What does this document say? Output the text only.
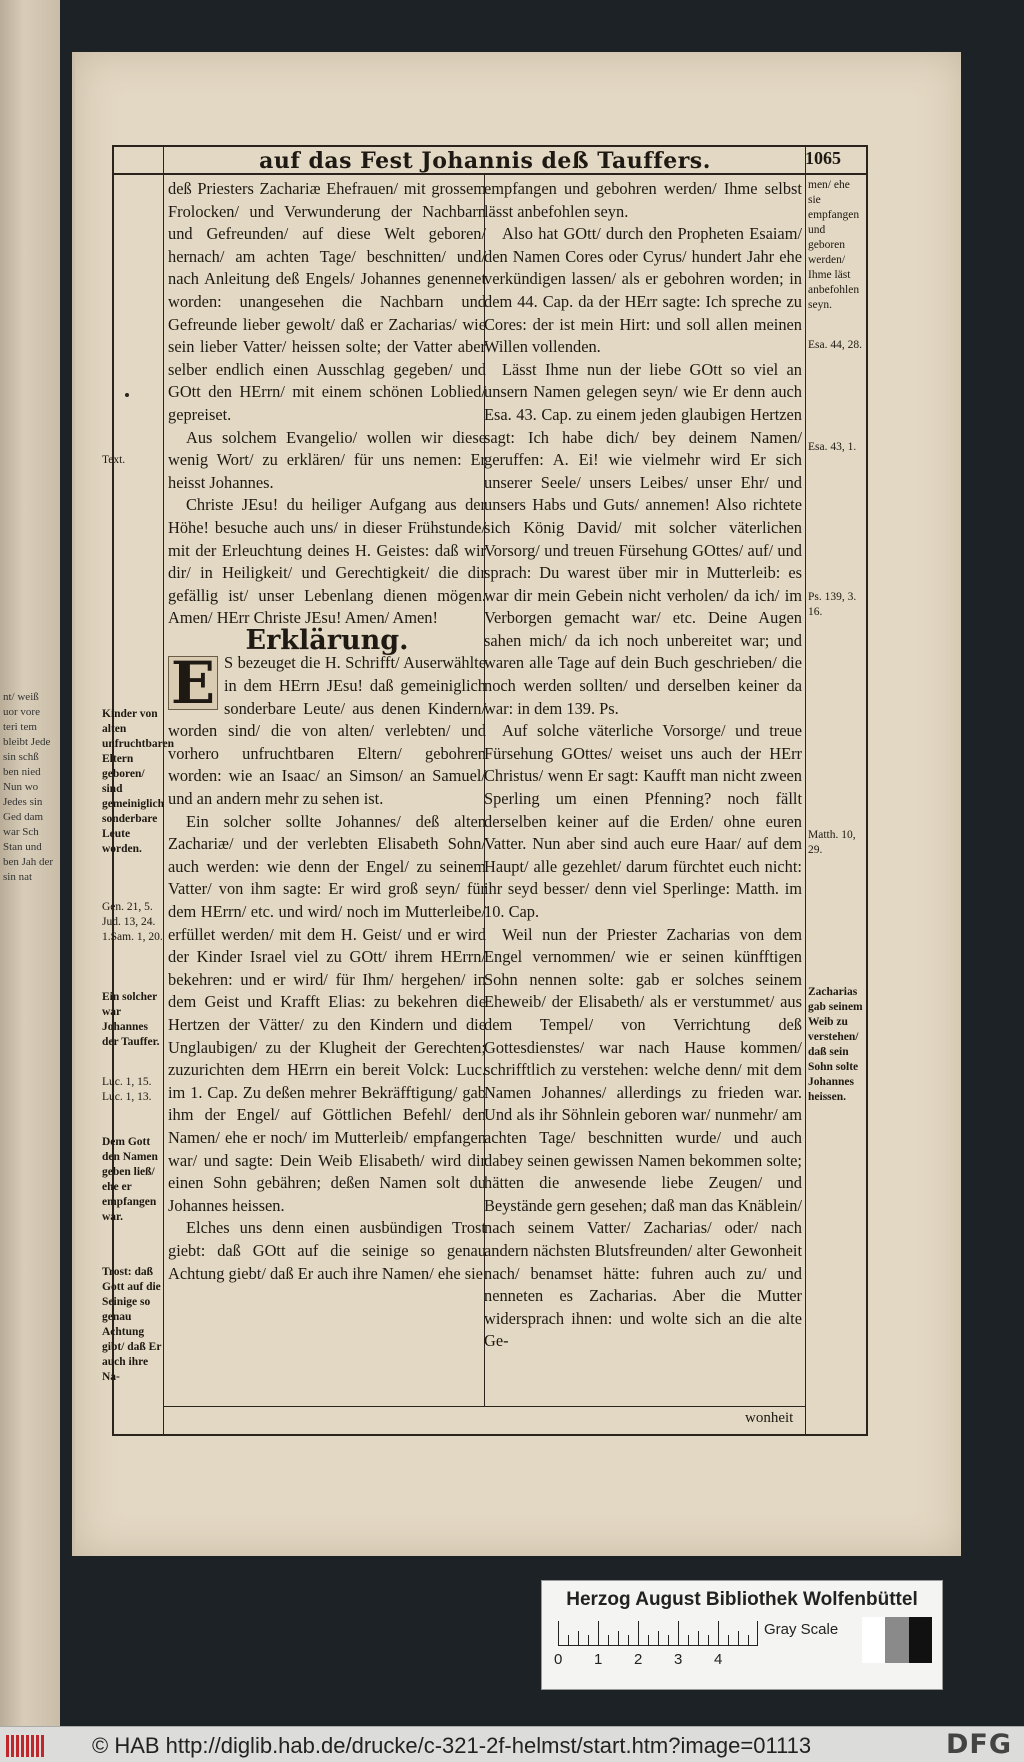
nt/ weiß uor vore teri tem bleibt Jede sin schß ben nied Nun wo Jedes sin Ged dam war Sch Stan und ben Jah der sin nat
auf das Fest Johannis deß Tauffers.	1065

deß Priesters Zachariæ Ehefrauen/ mit grossem Frolocken/ und Verwunderung der Nachbarn und Gefreunden/ auf diese Welt geboren/ hernach/ am achten Tage/ beschnitten/ und/ nach Anleitung deß Engels/ Johannes genennet worden: unangesehen die Nachbarn und Gefreunde lieber gewolt/ daß er Zacharias/ wie sein lieber Vatter/ heissen solte; der Vatter aber selber endlich einen Ausschlag gegeben/ und GOtt den HErrn/ mit einem schönen Loblied/ gepreiset.

Aus solchem Evangelio/ wollen wir diese wenig Wort/ zu erklären/ für uns nemen: Er heisst Johannes.

Christe JEsu! du heiliger Aufgang aus der Höhe! besuche auch uns/ in dieser Frühstunde/ mit der Erleuchtung deines H. Geistes: daß wir dir/ in Heiligkeit/ und Gerechtigkeit/ die dir gefällig ist/ unser Lebenlang dienen mögen. Amen/ HErr Christe JEsu! Amen/ Amen!

Erklärung.

E S bezeuget die H. Schrifft/ Auserwählte in dem HErrn JEsu! daß gemeiniglich sonderbare Leute/ aus denen Kindern/ worden sind/ die von alten/ verlebten/ und vorhero unfruchtbaren Eltern/ gebohren worden: wie an Isaac/ an Simson/ an Samuel/ und an andern mehr zu sehen ist.

Ein solcher sollte Johannes/ deß alten Zachariæ/ und der verlebten Elisabeth Sohn/ auch werden: wie denn der Engel/ zu seinem Vatter/ von ihm sagte: Er wird groß seyn/ für dem HErrn/ etc. und wird/ noch im Mutterleibe/ erfüllet werden/ mit dem H. Geist/ und er wird der Kinder Israel viel zu GOtt/ ihrem HErrn/ bekehren: und er wird/ für Ihm/ hergehen/ in dem Geist und Krafft Elias: zu bekehren die Hertzen der Vätter/ zu den Kindern und die Unglaubigen/ zu der Klugheit der Gerechten; zuzurichten dem HErrn ein bereit Volck: Luc. im 1. Cap. Zu deßen mehrer Bekräfftigung/ gab ihm der Engel/ auf Göttlichen Befehl/ den Namen/ ehe er noch/ im Mutterleib/ empfangen war/ und sagte: Dein Weib Elisabeth/ wird dir einen Sohn gebähren; deßen Namen solt du Johannes heissen.

Elches uns denn einen ausbündigen Trost giebt: daß GOtt auf die seinige so genau Achtung giebt/ daß Er auch ihre Namen/ ehe sie

empfangen und gebohren werden/ Ihme selbst lässt anbefohlen seyn.

Also hat GOtt/ durch den Propheten Esaiam/ den Namen Cores oder Cyrus/ hundert Jahr ehe verkündigen lassen/ als er gebohren worden; in dem 44. Cap. da der HErr sagte: Ich spreche zu Cores: der ist mein Hirt: und soll allen meinen Willen vollenden.

Lässt Ihme nun der liebe GOtt so viel an unsern Namen gelegen seyn/ wie Er denn auch Esa. 43. Cap. zu einem jeden glaubigen Hertzen sagt: Ich habe dich/ bey deinem Namen/ geruffen: A. Ei! wie vielmehr wird Er sich unserer Seele/ unsers Leibes/ unser Ehr/ und unsers Habs und Guts/ annemen! Also richtete sich König David/ mit solcher väterlichen Vorsorg/ und treuen Fürsehung GOttes/ auf/ und sprach: Du warest über mir in Mutterleib: es war dir mein Gebein nicht verholen/ da ich/ im Verborgen gemacht war/ etc. Deine Augen sahen mich/ da ich noch unbereitet war; und waren alle Tage auf dein Buch geschrieben/ die noch werden sollten/ und derselben keiner da war: in dem 139. Ps.

Auf solche väterliche Vorsorge/ und treue Fürsehung GOttes/ weiset uns auch der HErr Christus/ wenn Er sagt: Kaufft man nicht zween Sperling um einen Pfenning? noch fällt derselben keiner auf die Erden/ ohne euren Vatter. Nun aber sind auch eure Haar/ auf dem Haupt/ alle gezehlet/ darum fürchtet euch nicht: ihr seyd besser/ denn viel Sperlinge: Matth. im 10. Cap.

Weil nun der Priester Zacharias von dem Engel vernommen/ wie er seinen künfftigen Sohn nennen solte: gab er solches seinem Eheweib/ der Elisabeth/ als er verstummet/ aus dem Tempel/ von Verrichtung deß Gottesdienstes/ war nach Hause kommen/ schrifftlich zu verstehen: welche denn/ mit dem Namen Johannes/ allerdings zu frieden war. Und als ihr Söhnlein geboren war/ nunmehr/ am achten Tage/ beschnitten wurde/ und auch dabey seinen gewissen Namen bekommen solte; hätten die anwesende liebe Zeugen/ und Beyständе gern gesehen; daß man das Knäblein/ nach seinem Vatter/ Zacharias/ oder/ nach andern nächsten Blutsfreunden/ alter Gewonheit nach/ benamset hätte: fuhren auch zu/ und nenneten es Zacharias. Aber die Mutter widersprach ihnen: und wolte sich an die alte Ge-

Text.
Kinder von alten unfruchtbaren Eltern geboren/ sind gemeiniglich sonderbare Leute worden.
Gen. 21, 5. Jud. 13, 24. 1.Sam. 1, 20.
Ein solcher war Johannes der Tauffer.
Luc. 1, 15. Luc. 1, 13.
Dem Gott den Namen geben ließ/ ehe er empfangen war.
Trost: daß Gott auf die Seinige so genau Achtung gibt/ daß Er auch ihre Na-
men/ ehe sie empfangen und geboren werden/ Ihme läst anbefohlen seyn.
Esa. 44, 28.
Esa. 43, 1.
Ps. 139, 3. 16.
Matth. 10, 29.
Zacharias gab seinem Weib zu verstehen/ daß sein Sohn solte Johannes heissen.
wonheit
Herzog August Bibliothek Wolfenbüttel
0 1 2 3 4
Gray Scale
© HAB http://diglib.hab.de/drucke/c-321-2f-helmst/start.htm?image=01113	DFG
